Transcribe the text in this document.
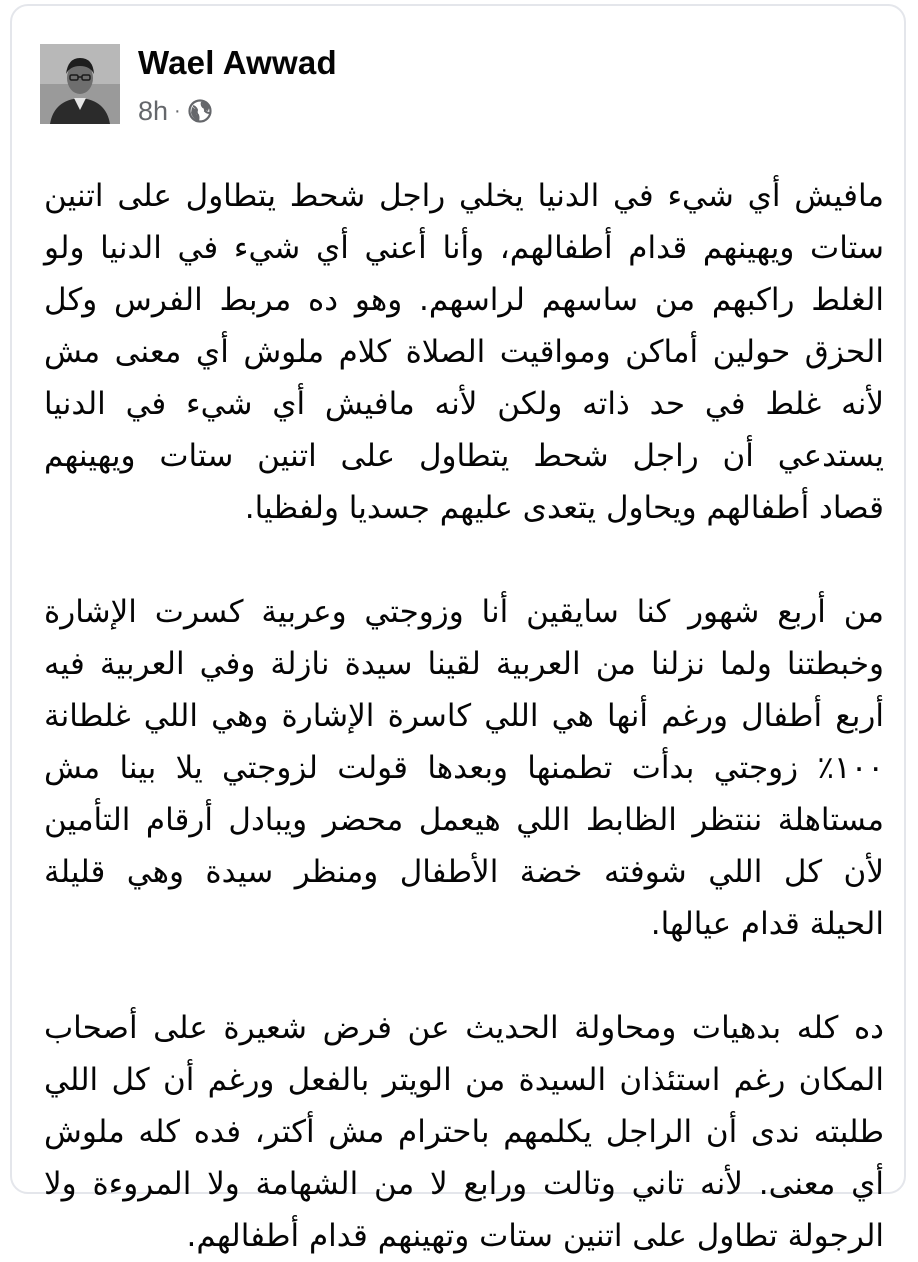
Wael Awwad
8h ·
مافيش أي شيء في الدنيا يخلي راجل شحط يتطاول على اتنين
ستات ويهينهم قدام أطفالهم، وأنا أعني أي شيء في الدنيا ولو
الغلط راكبهم من ساسهم لراسهم. وهو ده مربط الفرس وكل
الحزق حولين أماكن ومواقيت الصلاة كلام ملوش أي معنى مش
لأنه غلط في حد ذاته ولكن لأنه مافيش أي شيء في الدنيا
يستدعي أن راجل شحط يتطاول على اتنين ستات ويهينهم
قصاد أطفالهم ويحاول يتعدى عليهم جسديا ولفظيا.
من أربع شهور كنا سايقين أنا وزوجتي وعربية كسرت الإشارة
وخبطتنا ولما نزلنا من العربية لقينا سيدة نازلة وفي العربية فيه
أربع أطفال ورغم أنها هي اللي كاسرة الإشارة وهي اللي غلطانة
١٠٠٪ زوجتي بدأت تطمنها وبعدها قولت لزوجتي يلا بينا مش
مستاهلة ننتظر الظابط اللي هيعمل محضر ويبادل أرقام التأمين
لأن كل اللي شوفته خضة الأطفال ومنظر سيدة وهي قليلة
الحيلة قدام عيالها.
ده كله بدهيات ومحاولة الحديث عن فرض شعيرة على أصحاب
المكان رغم استئذان السيدة من الويتر بالفعل ورغم أن كل اللي
طلبته ندى أن الراجل يكلمهم باحترام مش أكتر، فده كله ملوش
أي معنى. لأنه تاني وتالت ورابع لا من الشهامة ولا المروءة ولا
الرجولة تطاول على اتنين ستات وتهينهم قدام أطفالهم.
